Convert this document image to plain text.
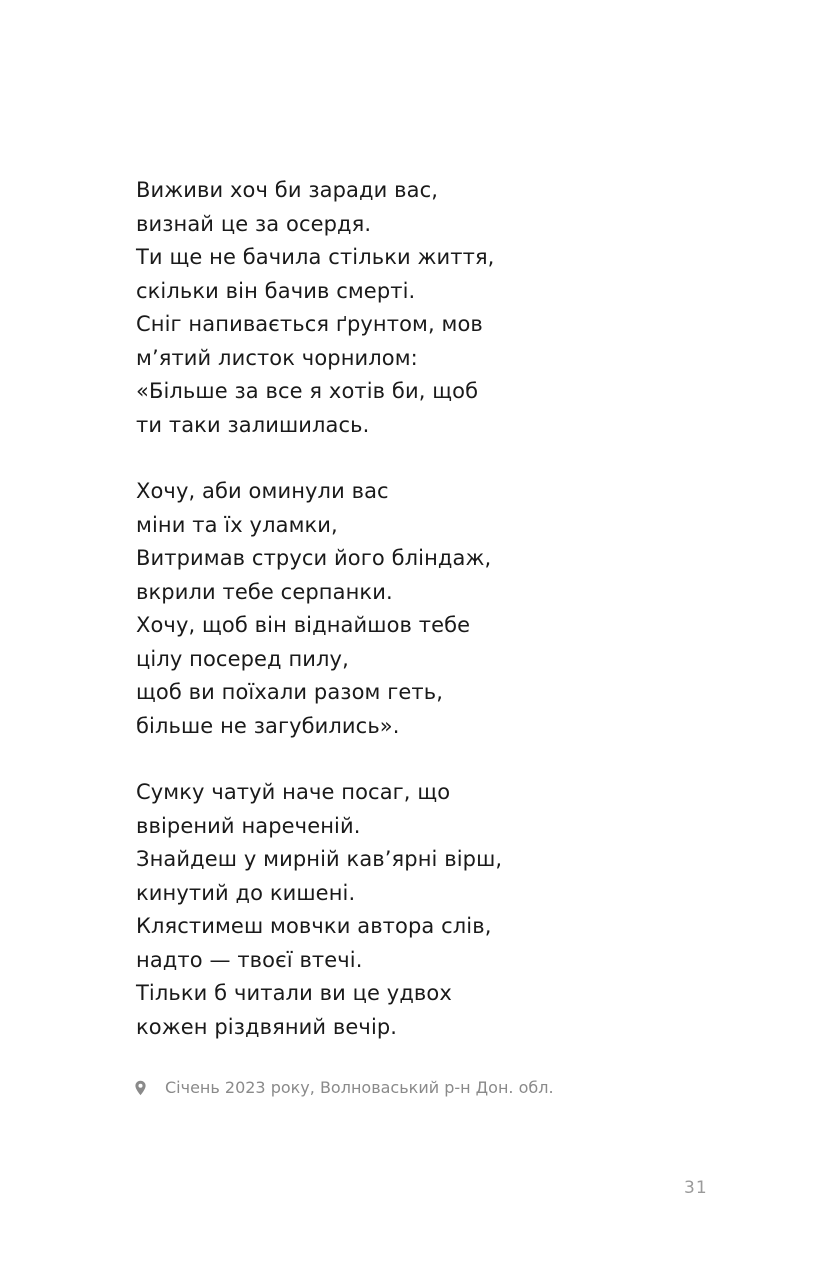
Виживи хоч би заради вас,
визнай це за осердя.
Ти ще не бачила стільки життя,
скільки він бачив смерті.
Сніг напивається ґрунтом, мов
м’ятий листок чорнилом:
«Більше за все я хотів би, щоб
ти таки залишилась.
Хочу, аби оминули вас
міни та їх уламки,
Витримав струси його бліндаж,
вкрили тебе серпанки.
Хочу, щоб він віднайшов тебе
цілу посеред пилу,
щоб ви поїхали разом геть,
більше не загубились».
Сумку чатуй наче посаг, що
ввірений нареченій.
Знайдеш у мирній кав’ярні вірш,
кинутий до кишені.
Клястимеш мовчки автора слів,
надто — твоєї втечі.
Тільки б читали ви це удвох
кожен різдвяний вечір.
Січень 2023 року, Волноваський р-н Дон. обл.
31
